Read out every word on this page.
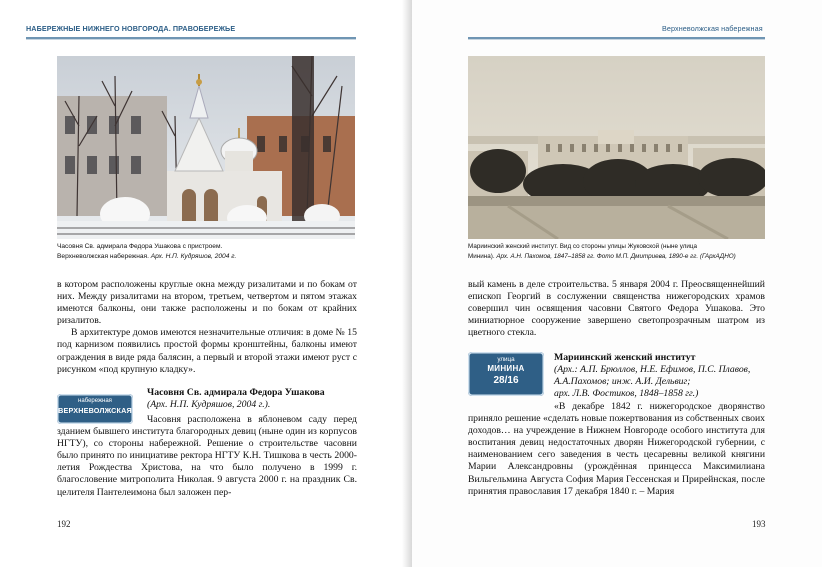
НАБЕРЕЖНЫЕ НИЖНЕГО НОВГОРОДА. ПРАВОБЕРЕЖЬЕ
Часовня Св. адмирала Федора Ушакова с пристроем.
Верхневолжская набережная. Арх. Н.П. Кудряшов, 2004 г.

в котором расположены круглые окна между ризалитами и по бокам от них. Между ризалитами на втором, третьем, четвертом и пятом этажах имеются балконы, они также расположены и по бокам от крайних ризалитов.

В архитектуре домов имеются незначительные отличия: в доме № 15 под карнизом появились простой формы кронштейны, балконы имеют ограждения в виде ряда балясин, а первый и второй этажи имеют руст с рисунком «под крупную кладку».

набережная
ВЕРХНЕВОЛЖСКАЯ
Часовня Св. адмирала Федора Ушакова
(Арх. Н.П. Кудряшов, 2004 г.).

Часовня расположена в яблоневом саду перед зданием бывшего института благородных девиц (ныне один из корпусов НГТУ), со стороны набережной. Решение о строительстве часовни было принято по инициативе ректора НГТУ К.Н. Тишкова в честь 2000-летия Рождества Христова, на что было получено в 1999 г. благословение митрополита Николая. 9 августа 2000 г. на праздник Св. целителя Пантелеимона был заложен пер-

192
Верхневолжская набережная
Мариинский женский институт. Вид со стороны улицы Жуковской (ныне улица
Минина). Арх. А.Н. Пахомов, 1847–1858 гг. Фото М.П. Дмитриева, 1890-е гг. (ГАрхАДНО)

вый камень в деле строительства. 5 января 2004 г. Преосвященнейший епископ Георгий в сослужении священства нижегородских храмов совершил чин освящения часовни Святого Федора Ушакова. Это миниатюрное сооружение завершено светопрозрачным шатром из цветного стекла.

улица
МИНИНА
28/16
Мариинский женский институт
(Арх.: А.П. Брюллов, Н.Е. Ефимов, П.С. Плавов,
А.А.Пахомов; инж. А.И. Дельвиг;
арх. Л.В. Фостиков, 1848–1858 гг.)

«В декабре 1842 г. нижегородское дворянство приняло решение «сделать новые пожертвования из собственных своих доходов… на учреждение в Нижнем Новгороде особого института для воспитания девиц недостаточных дворян Нижегородской губернии, с наименованием сего заведения в честь цесаревны великой княгини Марии Александровны (урождённая принцесса Максимилиана Вильгельмина Августа София Мария Гессенская и Прирейнская, после принятия православия 17 декабря 1840 г. – Мария

193
